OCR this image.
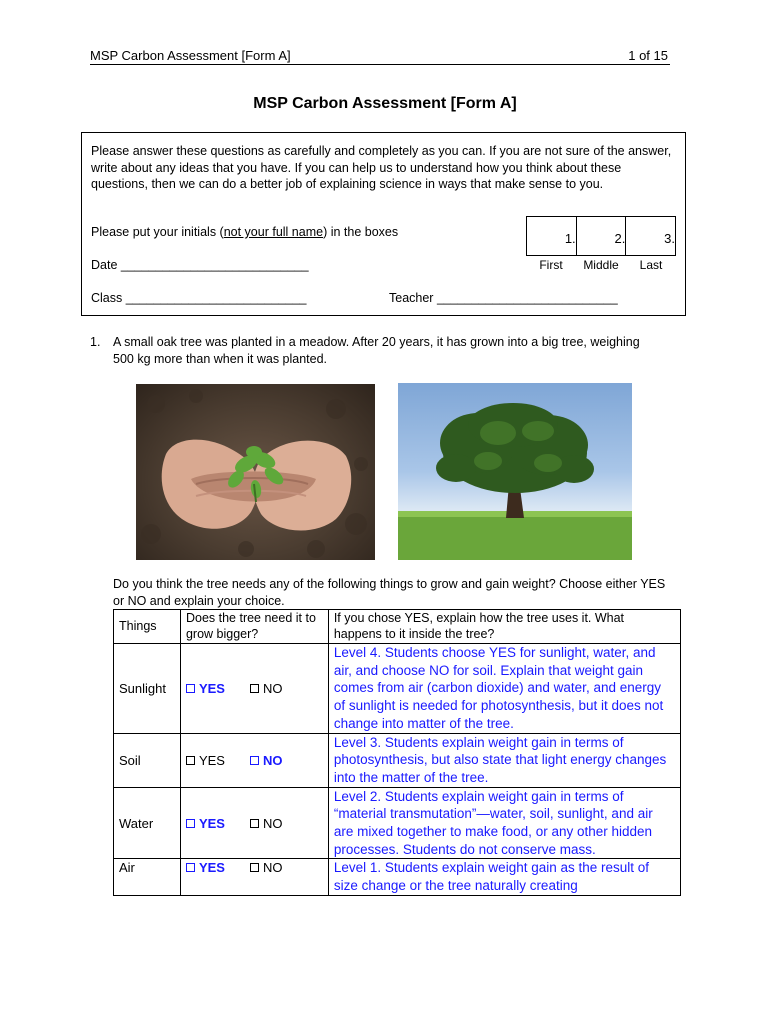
MSP Carbon Assessment [Form A]	1 of 15
MSP Carbon Assessment [Form A]
Please answer these questions as carefully and completely as you can. If you are not sure of the answer, write about any ideas that you have. If you can help us to understand how you think about these questions, then we can do a better job of explaining science in ways that make sense to you.
Please put your initials (not your full name) in the boxes	1.	2.	3.
First	Middle	Last
Date ___________________________
Class __________________________	Teacher __________________________
1.	A small oak tree was planted in a meadow. After 20 years, it has grown into a big tree, weighing 500 kg more than when it was planted.
Do you think the tree needs any of the following things to grow and gain weight? Choose either YES or NO and explain your choice.
Things	Does the tree need it to grow bigger?	If you chose YES, explain how the tree uses it. What happens to it inside the tree?
Sunlight	YES NO	Level 4. Students choose YES for sunlight, water, and air, and choose NO for soil. Explain that weight gain comes from air (carbon dioxide) and water, and energy of sunlight is needed for photosynthesis, but it does not change into matter of the tree.
Soil	YES NO	Level 3. Students explain weight gain in terms of photosynthesis, but also state that light energy changes into the matter of the tree.
Water	YES NO	Level 2. Students explain weight gain in terms of “material transmutation”—water, soil, sunlight, and air are mixed together to make food, or any other hidden processes. Students do not conserve mass.
Air	YES NO	Level 1. Students explain weight gain as the result of size change or the tree naturally creating
